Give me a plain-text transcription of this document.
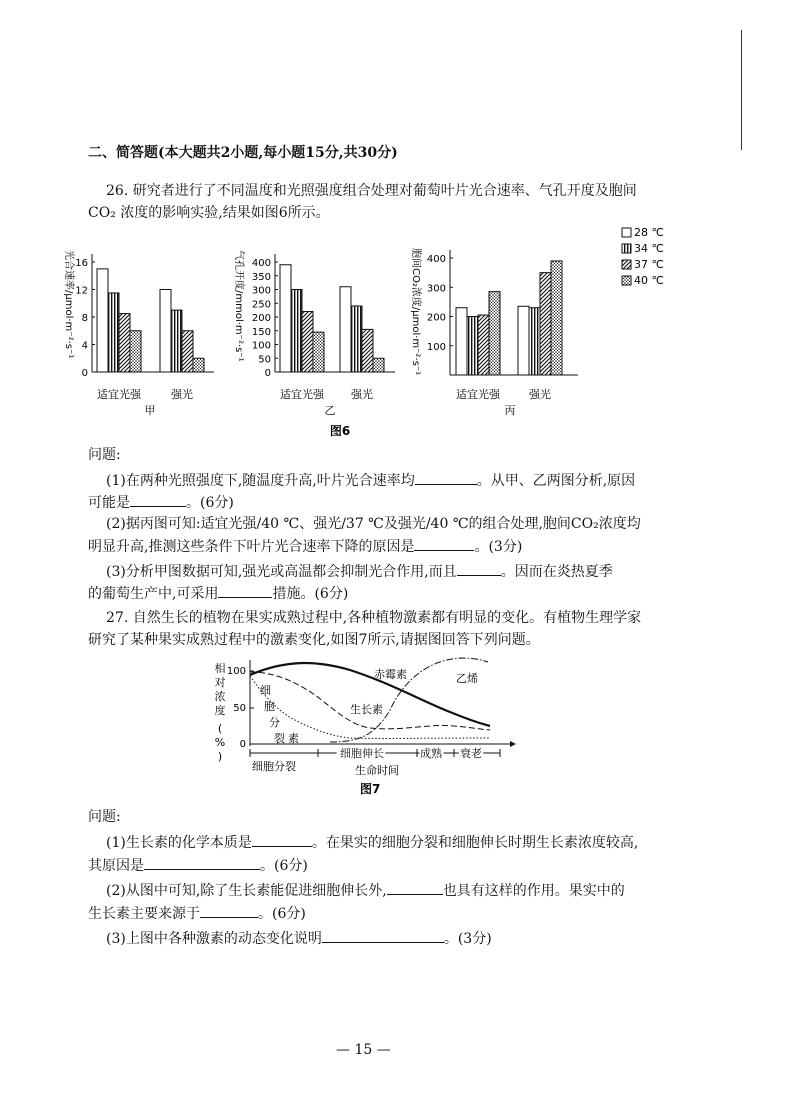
二、简答题(本大题共2小题,每小题15分,共30分)
26. 研究者进行了不同温度和光照强度组合处理对葡萄叶片光合速率、气孔开度及胞间
CO₂ 浓度的影响实验,结果如图6所示。
16
12
8
4
0
适宜光强	强光
甲
光合速率/μmol·m⁻²·s⁻¹	400
350
300
250
200
150
100
50
0
适宜光强 强光
乙
气孔开度/mmol·m⁻²·s⁻¹	400
300
200
100
适宜光强	强光
丙
胞间CO₂浓度/μmol·m⁻²·s⁻¹
28 ℃
34 ℃
37 ℃
40 ℃
图6
问题:
(1)在两种光照强度下,随温度升高,叶片光合速率均	。从甲、乙两图分析,原因
可能是	。(6分)
(2)据丙图可知:适宜光强/40 ℃、强光/37 ℃及强光/40 ℃的组合处理,胞间CO₂浓度均
明显升高,推测这些条件下叶片光合速率下降的原因是	。(3分)
(3)分析甲图数据可知,强光或高温都会抑制光合作用,而且	。因而在炎热夏季
的葡萄生产中,可采用	措施。(6分)
27. 自然生长的植物在果实成熟过程中,各种植物激素都有明显的变化。有植物生理学家
研究了某种果实成熟过程中的激素变化,如图7所示,请据图回答下列问题。
相
对
浓
度
(
%
)
100
50
0
赤霉素	乙烯
生长素
细
胞
分
裂 素
细胞分裂
细胞伸长	成熟 衰老
生命时间
图7
问题:
(1)生长素的化学本质是	。在果实的细胞分裂和细胞伸长时期生长素浓度较高,
其原因是	。(6分)
(2)从图中可知,除了生长素能促进细胞伸长外,	也具有这样的作用。果实中的
生长素主要来源于	。(6分)
(3)上图中各种激素的动态变化说明	。(3分)
— 15 —
